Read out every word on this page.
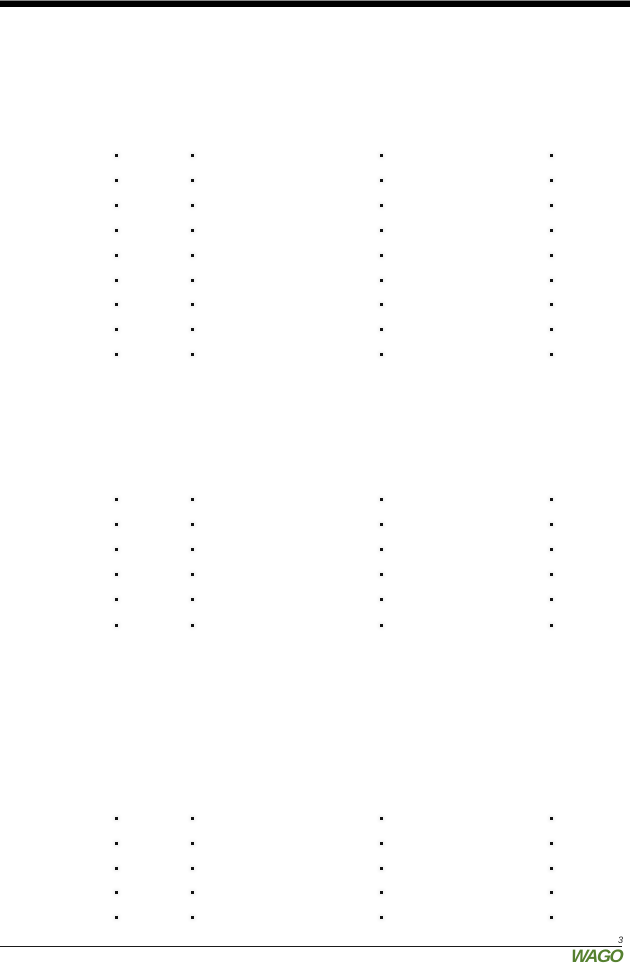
3
WAGO
